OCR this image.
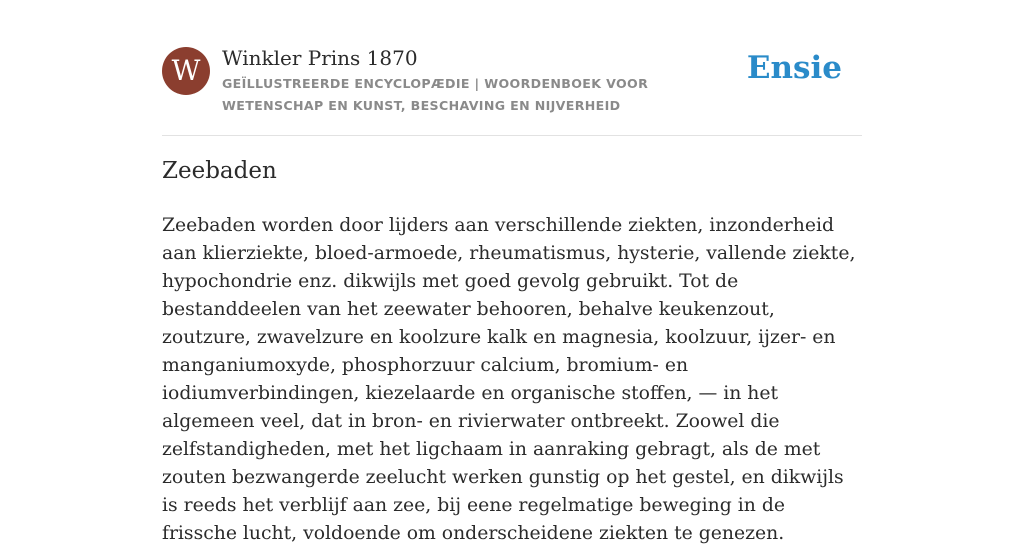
W	Winkler Prins 1870
GEÏLLUSTREERDE ENCYCLOPÆDIE | WOORDENBOEK VOOR WETENSCHAP EN KUNST, BESCHAVING EN NIJVERHEID
Ensie
Zeebaden

Zeebaden worden door lijders aan verschillende ziekten, inzonderheid aan klierziekte, bloed-armoede, rheumatismus, hysterie, vallende ziekte, hypochondrie enz. dikwijls met goed gevolg gebruikt. Tot de bestanddeelen van het zeewater behooren, behalve keukenzout, zoutzure, zwavelzure en koolzure kalk en magnesia, koolzuur, ijzer- en manganiumoxyde, phosphorzuur calcium, bromium- en iodiumverbindingen, kiezelaarde en organische stoffen, — in het algemeen veel, dat in bron- en rivierwater ontbreekt. Zoowel die zelfstandigheden, met het ligchaam in aanraking gebragt, als de met zouten bezwangerde zeelucht werken gunstig op het gestel, en dikwijls is reeds het verblijf aan zee, bij eene regelmatige beweging in de frissche lucht, voldoende om onderscheidene ziekten te genezen.
